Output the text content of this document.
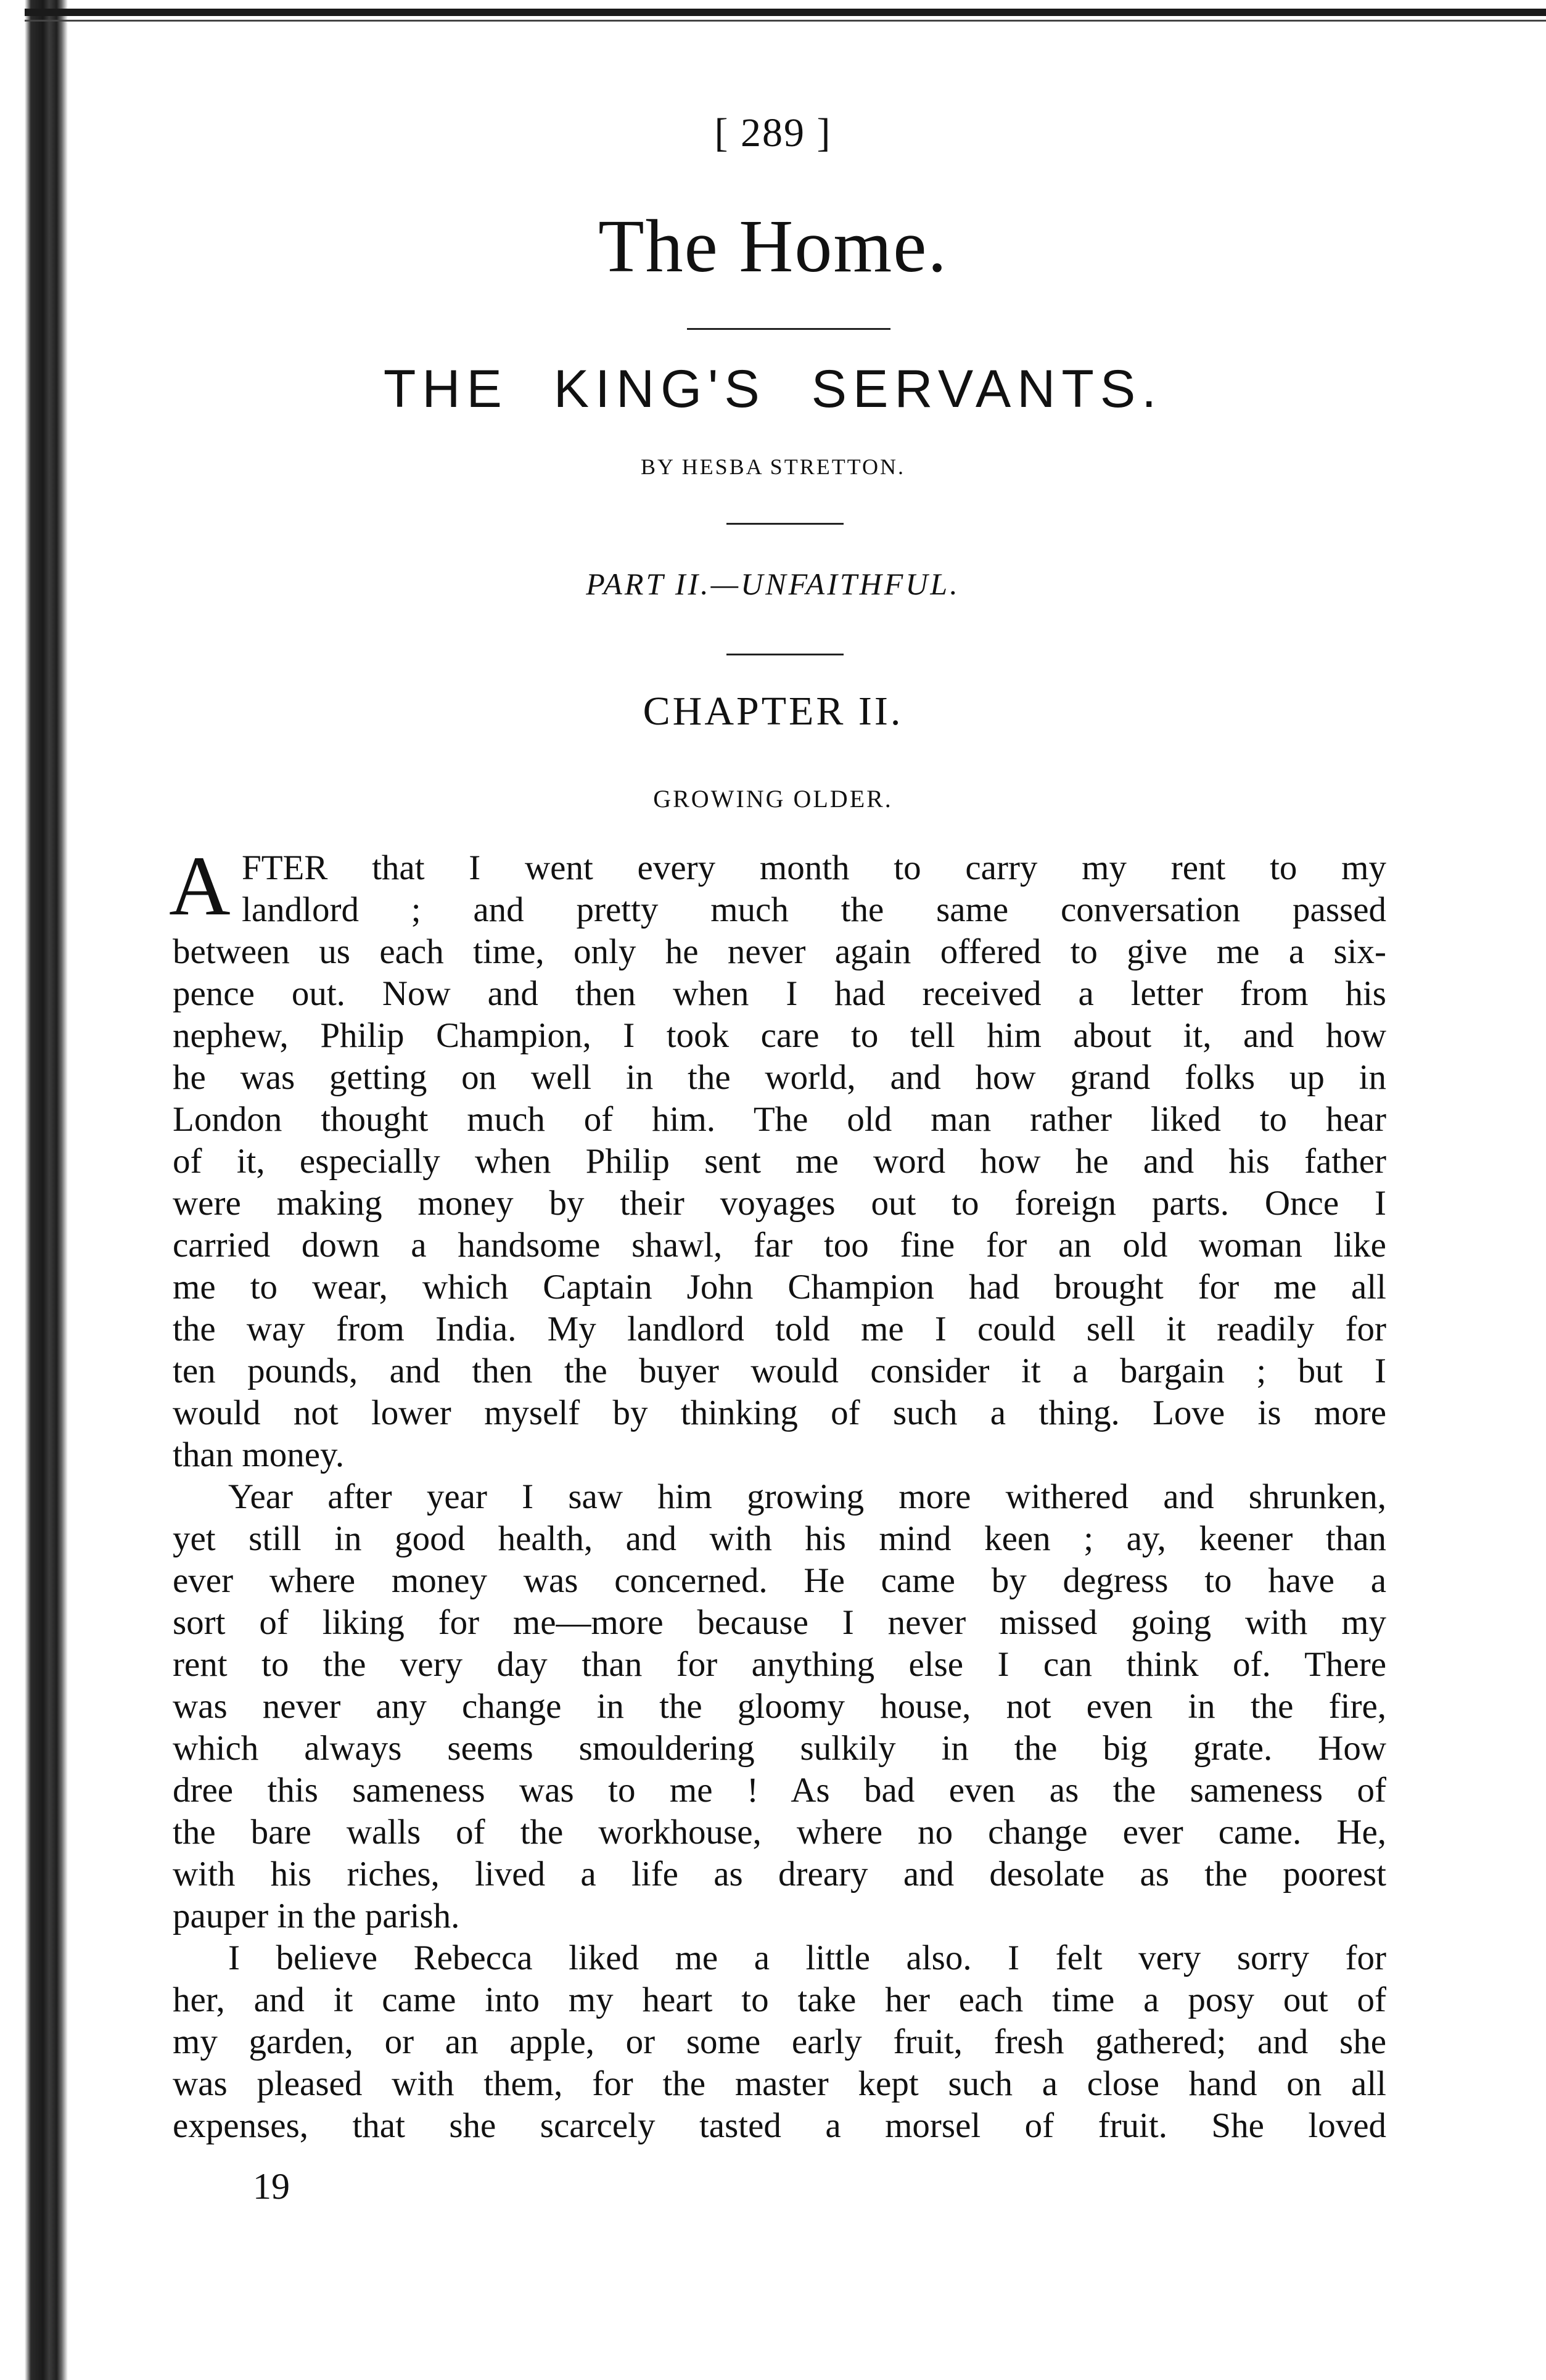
[ 289 ]
The Home.
THE KING'S SERVANTS.
BY HESBA STRETTON.
PART II.—UNFAITHFUL.
CHAPTER II.
GROWING OLDER.
A FTER that I went every month to carry my rent to my
landlord ; and pretty much the same conversation passed
between us each time, only he never again offered to give me a six-
pence out. Now and then when I had received a letter from his
nephew, Philip Champion, I took care to tell him about it, and how
he was getting on well in the world, and how grand folks up in
London thought much of him. The old man rather liked to hear
of it, especially when Philip sent me word how he and his father
were making money by their voyages out to foreign parts. Once I
carried down a handsome shawl, far too fine for an old woman like
me to wear, which Captain John Champion had brought for me all
the way from India. My landlord told me I could sell it readily for
ten pounds, and then the buyer would consider it a bargain ; but I
would not lower myself by thinking of such a thing. Love is more
than money.
Year after year I saw him growing more withered and shrunken,
yet still in good health, and with his mind keen ; ay, keener than
ever where money was concerned. He came by degress to have a
sort of liking for me—more because I never missed going with my
rent to the very day than for anything else I can think of. There
was never any change in the gloomy house, not even in the fire,
which always seems smouldering sulkily in the big grate. How
dree this sameness was to me ! As bad even as the sameness of
the bare walls of the workhouse, where no change ever came. He,
with his riches, lived a life as dreary and desolate as the poorest
pauper in the parish.
I believe Rebecca liked me a little also. I felt very sorry for
her, and it came into my heart to take her each time a posy out of
my garden, or an apple, or some early fruit, fresh gathered; and she
was pleased with them, for the master kept such a close hand on all
expenses, that she scarcely tasted a morsel of fruit. She loved
19
